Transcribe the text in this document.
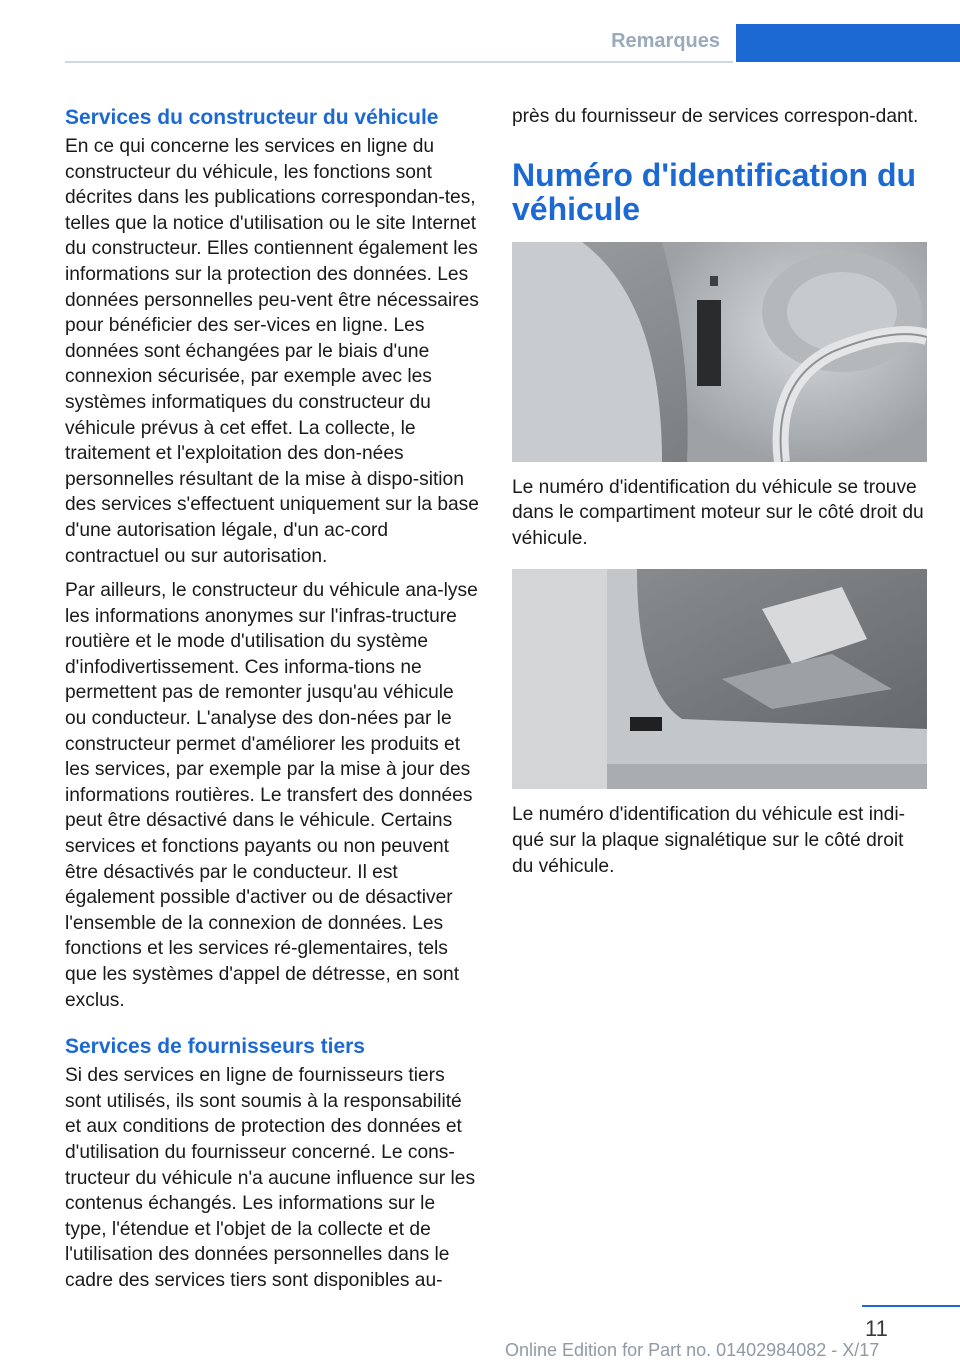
Remarques
Services du constructeur du véhicule

En ce qui concerne les services en ligne du constructeur du véhicule, les fonctions sont décrites dans les publications correspondan-tes, telles que la notice d'utilisation ou le site Internet du constructeur. Elles contiennent également les informations sur la protection des données. Les données personnelles peu-vent être nécessaires pour bénéficier des ser-vices en ligne. Les données sont échangées par le biais d'une connexion sécurisée, par exemple avec les systèmes informatiques du constructeur du véhicule prévus à cet effet. La collecte, le traitement et l'exploitation des don-nées personnelles résultant de la mise à dispo-sition des services s'effectuent uniquement sur la base d'une autorisation légale, d'un ac-cord contractuel ou sur autorisation.

Par ailleurs, le constructeur du véhicule ana-lyse les informations anonymes sur l'infras-tructure routière et le mode d'utilisation du système d'infodivertissement. Ces informa-tions ne permettent pas de remonter jusqu'au véhicule ou conducteur. L'analyse des don-nées par le constructeur permet d'améliorer les produits et les services, par exemple par la mise à jour des informations routières. Le transfert des données peut être désactivé dans le véhicule. Certains services et fonctions payants ou non peuvent être désactivés par le conducteur. Il est également possible d'activer ou de désactiver l'ensemble de la connexion de données. Les fonctions et les services ré-glementaires, tels que les systèmes d'appel de détresse, en sont exclus.

Services de fournisseurs tiers

Si des services en ligne de fournisseurs tiers sont utilisés, ils sont soumis à la responsabilité et aux conditions de protection des données et d'utilisation du fournisseur concerné. Le cons-tructeur du véhicule n'a aucune influence sur les contenus échangés. Les informations sur le type, l'étendue et l'objet de la collecte et de l'utilisation des données personnelles dans le cadre des services tiers sont disponibles au-

près du fournisseur de services correspon-dant.

Numéro d'identification du véhicule

Le numéro d'identification du véhicule se trouve dans le compartiment moteur sur le côté droit du véhicule.

Le numéro d'identification du véhicule est indi-qué sur la plaque signalétique sur le côté droit du véhicule.

11
Online Edition for Part no. 01402984082 - X/17
